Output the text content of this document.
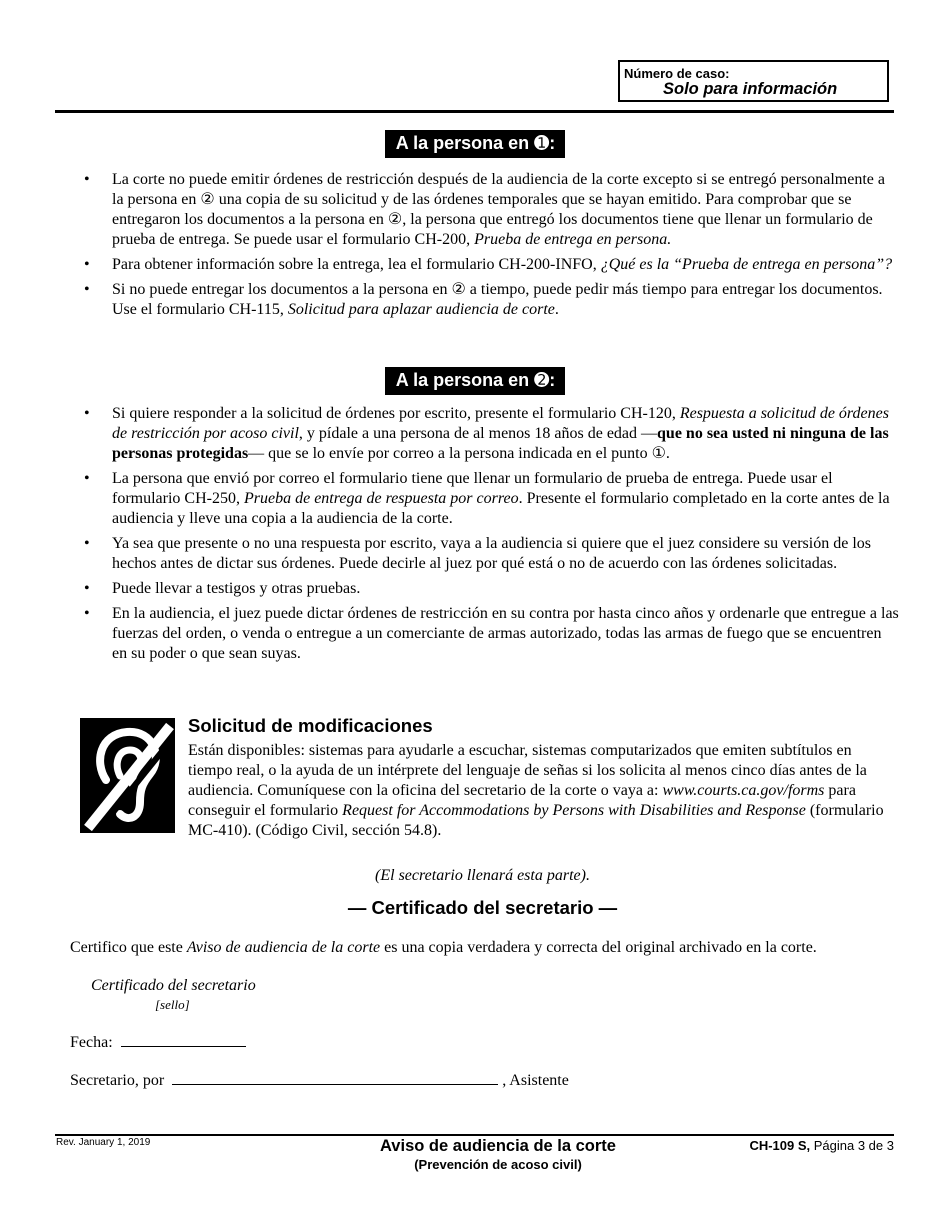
Número de caso:
Solo para información
A la persona en ➊:
• La corte no puede emitir órdenes de restricción después de la audiencia de la corte excepto si se entregó personalmente a la persona en ② una copia de su solicitud y de las órdenes temporales que se hayan emitido. Para comprobar que se entregaron los documentos a la persona en ②, la persona que entregó los documentos tiene que llenar un formulario de prueba de entrega. Se puede usar el formulario CH-200, Prueba de entrega en persona.
• Para obtener información sobre la entrega, lea el formulario CH-200-INFO, ¿Qué es la “Prueba de entrega en persona”?
• Si no puede entregar los documentos a la persona en ② a tiempo, puede pedir más tiempo para entregar los documentos. Use el formulario CH-115, Solicitud para aplazar audiencia de corte.
A la persona en ➋:
• Si quiere responder a la solicitud de órdenes por escrito, presente el formulario CH-120, Respuesta a solicitud de órdenes de restricción por acoso civil, y pídale a una persona de al menos 18 años de edad —que no sea usted ni ninguna de las personas protegidas— que se lo envíe por correo a la persona indicada en el punto ①.
• La persona que envió por correo el formulario tiene que llenar un formulario de prueba de entrega. Puede usar el formulario CH-250, Prueba de entrega de respuesta por correo. Presente el formulario completado en la corte antes de la audiencia y lleve una copia a la audiencia de la corte.
• Ya sea que presente o no una respuesta por escrito, vaya a la audiencia si quiere que el juez considere su versión de los hechos antes de dictar sus órdenes. Puede decirle al juez por qué está o no de acuerdo con las órdenes solicitadas.
• Puede llevar a testigos y otras pruebas.
• En la audiencia, el juez puede dictar órdenes de restricción en su contra por hasta cinco años y ordenarle que entregue a las fuerzas del orden, o venda o entregue a un comerciante de armas autorizado, todas las armas de fuego que se encuentren en su poder o que sean suyas.
Solicitud de modificaciones

Están disponibles: sistemas para ayudarle a escuchar, sistemas computarizados que emiten subtítulos en tiempo real, o la ayuda de un intérprete del lenguaje de señas si los solicita al menos cinco días antes de la audiencia. Comuníquese con la oficina del secretario de la corte o vaya a: www.courts.ca.gov/forms para conseguir el formulario Request for Accommodations by Persons with Disabilities and Response (formulario MC-410). (Código Civil, sección 54.8).

(El secretario llenará esta parte).
— Certificado del secretario —
Certifico que este Aviso de audiencia de la corte es una copia verdadera y correcta del original archivado en la corte.
Certificado del secretario
[sello]
Fecha:
Secretario, por	, Asistente
Rev. January 1, 2019	Aviso de audiencia de la corte
(Prevención de acoso civil)
CH-109 S, Página 3 de 3
